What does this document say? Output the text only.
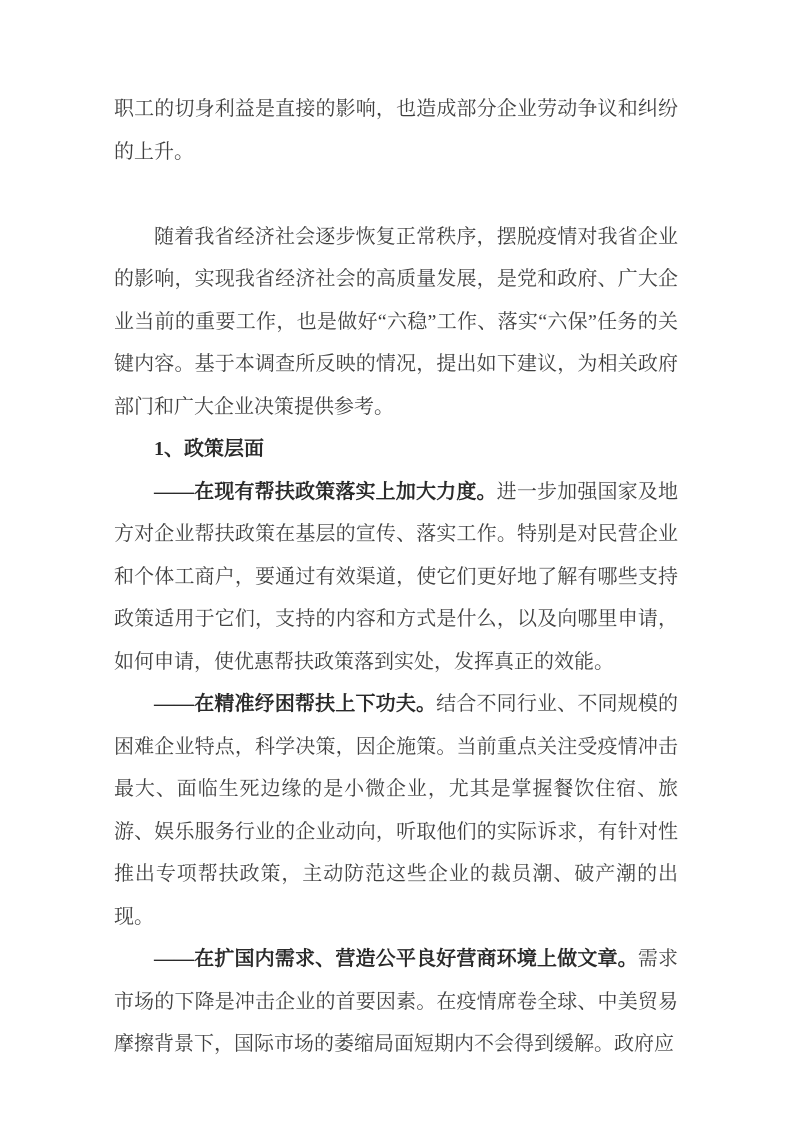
职工的切身利益是直接的影响，也造成部分企业劳动争议和纠纷的上升。

随着我省经济社会逐步恢复正常秩序，摆脱疫情对我省企业的影响，实现我省经济社会的高质量发展，是党和政府、广大企业当前的重要工作，也是做好“六稳”工作、落实“六保”任务的关键内容。基于本调查所反映的情况，提出如下建议，为相关政府部门和广大企业决策提供参考。

1、政策层面

——在现有帮扶政策落实上加大力度。进一步加强国家及地方对企业帮扶政策在基层的宣传、落实工作。特别是对民营企业和个体工商户，要通过有效渠道，使它们更好地了解有哪些支持政策适用于它们，支持的内容和方式是什么，以及向哪里申请，如何申请，使优惠帮扶政策落到实处，发挥真正的效能。

——在精准纾困帮扶上下功夫。结合不同行业、不同规模的困难企业特点，科学决策，因企施策。当前重点关注受疫情冲击最大、面临生死边缘的是小微企业，尤其是掌握餐饮住宿、旅游、娱乐服务行业的企业动向，听取他们的实际诉求，有针对性推出专项帮扶政策，主动防范这些企业的裁员潮、破产潮的出现。

——在扩国内需求、营造公平良好营商环境上做文章。需求市场的下降是冲击企业的首要因素。在疫情席卷全球、中美贸易摩擦背景下，国际市场的萎缩局面短期内不会得到缓解。政府应
